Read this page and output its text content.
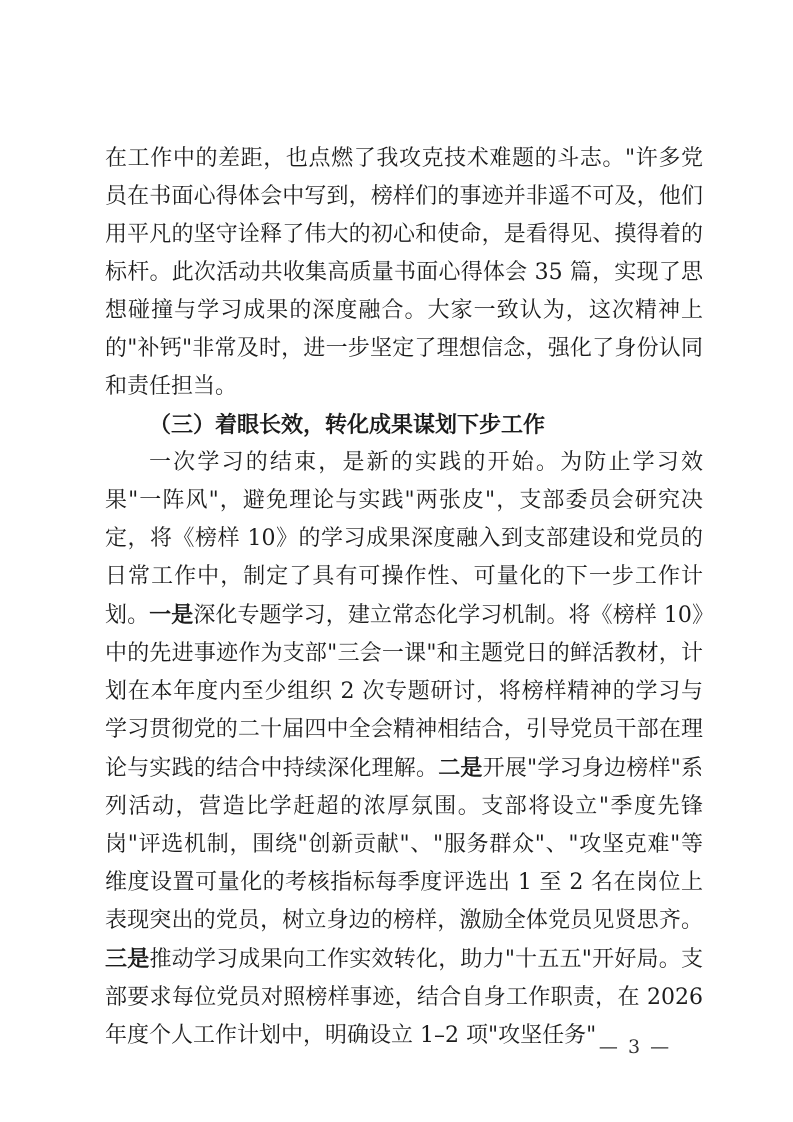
在工作中的差距，也点燃了我攻克技术难题的斗志。"许多党员在书面心得体会中写到，榜样们的事迹并非遥不可及，他们用平凡的坚守诠释了伟大的初心和使命，是看得见、摸得着的标杆。此次活动共收集高质量书面心得体会 35 篇，实现了思想碰撞与学习成果的深度融合。大家一致认为，这次精神上的"补钙"非常及时，进一步坚定了理想信念，强化了身份认同和责任担当。

（三）着眼长效，转化成果谋划下步工作

一次学习的结束，是新的实践的开始。为防止学习效果"一阵风"，避免理论与实践"两张皮"，支部委员会研究决定，将《榜样 10》的学习成果深度融入到支部建设和党员的日常工作中，制定了具有可操作性、可量化的下一步工作计划。一是深化专题学习，建立常态化学习机制。将《榜样 10》中的先进事迹作为支部"三会一课"和主题党日的鲜活教材，计划在本年度内至少组织 2 次专题研讨，将榜样精神的学习与学习贯彻党的二十届四中全会精神相结合，引导党员干部在理论与实践的结合中持续深化理解。二是开展"学习身边榜样"系列活动，营造比学赶超的浓厚氛围。支部将设立"季度先锋岗"评选机制，围绕"创新贡献"、"服务群众"、"攻坚克难"等维度设置可量化的考核指标每季度评选出 1 至 2 名在岗位上表现突出的党员，树立身边的榜样，激励全体党员见贤思齐。三是推动学习成果向工作实效转化，助力"十五五"开好局。支部要求每位党员对照榜样事迹，结合自身工作职责，在 2026 年度个人工作计划中，明确设立 1–2 项"攻坚任务" — 3 —
